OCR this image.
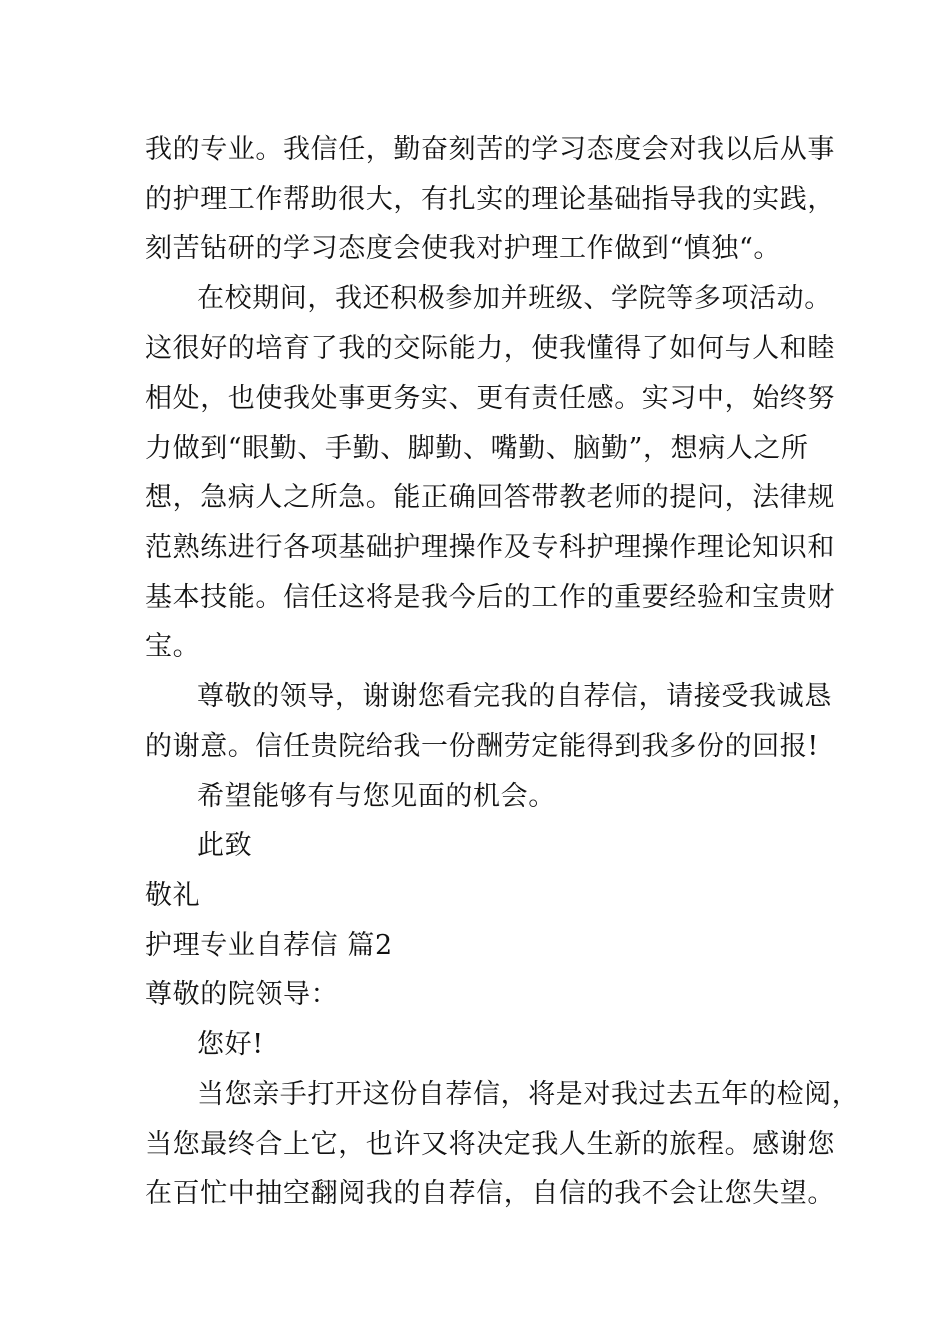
我的专业。我信任，勤奋刻苦的学习态度会对我以后从事

的护理工作帮助很大，有扎实的理论基础指导我的实践，

刻苦钻研的学习态度会使我对护理工作做到“慎独“。

在校期间，我还积极参加并班级、学院等多项活动。

这很好的培育了我的交际能力，使我懂得了如何与人和睦

相处，也使我处事更务实、更有责任感。实习中，始终努

力做到“眼勤、手勤、脚勤、嘴勤、脑勤”，想病人之所

想，急病人之所急。能正确回答带教老师的提问，法律规

范熟练进行各项基础护理操作及专科护理操作理论知识和

基本技能。信任这将是我今后的工作的重要经验和宝贵财

宝。

尊敬的领导，谢谢您看完我的自荐信，请接受我诚恳

的谢意。信任贵院给我一份酬劳定能得到我多份的回报!

希望能够有与您见面的机会。

此致

敬礼

护理专业自荐信 篇2

尊敬的院领导：

您好!

当您亲手打开这份自荐信，将是对我过去五年的检阅，

当您最终合上它，也许又将决定我人生新的旅程。感谢您

在百忙中抽空翻阅我的自荐信，自信的我不会让您失望。
